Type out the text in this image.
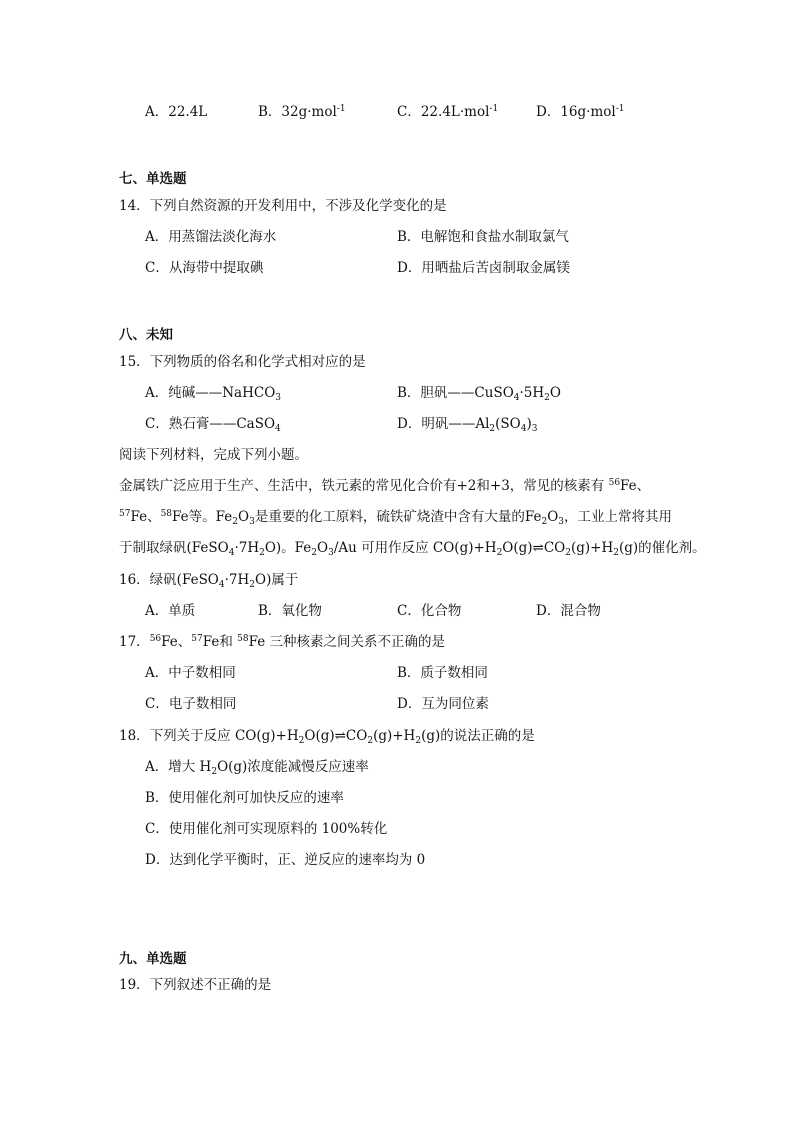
A．22.4L	B．32g·mol$^{-1}$	C．22.4L·mol$^{-1}$	D．16g·mol$^{-1}$
七、单选题
14．下列自然资源的开发利用中，不涉及化学变化的是
A．用蒸馏法淡化海水	B．电解饱和食盐水制取氯气
C．从海带中提取碘	D．用晒盐后苦卤制取金属镁
八、未知
15．下列物质的俗名和化学式相对应的是
A．纯碱——NaHCO$_3$	B．胆矾$——CuSO_4\cdot 5H_2O$
C．熟石膏——CaSO$_4$	D．明矾$——Al_2(SO_4)_3$
阅读下列材料，完成下列小题。
金属铁广泛应用于生产、生活中，铁元素的常见化合价有+2和+3，常见的核素有 $^{56}$Fe、
$^{57}$Fe、$^{58}$Fe等。$Fe_2O_3$是重要的化工原料，硫铁矿烧渣中含有大量的$Fe_2O_3$，工业上常将其用
于制取绿矾$(FeSO_4\cdot 7H_2O)$。$Fe_2O_3/Au$ 可用作反应 $CO(g)+H_2O(g)\rightleftharpoons CO_2(g)+H_2(g)$的催化剂。
16．绿矾$(FeSO_4\cdot 7H_2O)$属于
A．单质	B．氧化物	C．化合物	D．混合物
17．$^{56}$Fe、$^{57}$Fe和 $^{58}$Fe 三种核素之间关系不正确的是
A．中子数相同	B．质子数相同
C．电子数相同	D．互为同位素
18．下列关于反应 $CO(g)+H_2O(g)\rightleftharpoons CO_2(g)+H_2(g)$的说法正确的是
A．增大 $H_2O(g)$浓度能减慢反应速率
B．使用催化剂可加快反应的速率
C．使用催化剂可实现原料的 100%转化
D．达到化学平衡时，正、逆反应的速率均为 0
九、单选题
19．下列叙述不正确的是
